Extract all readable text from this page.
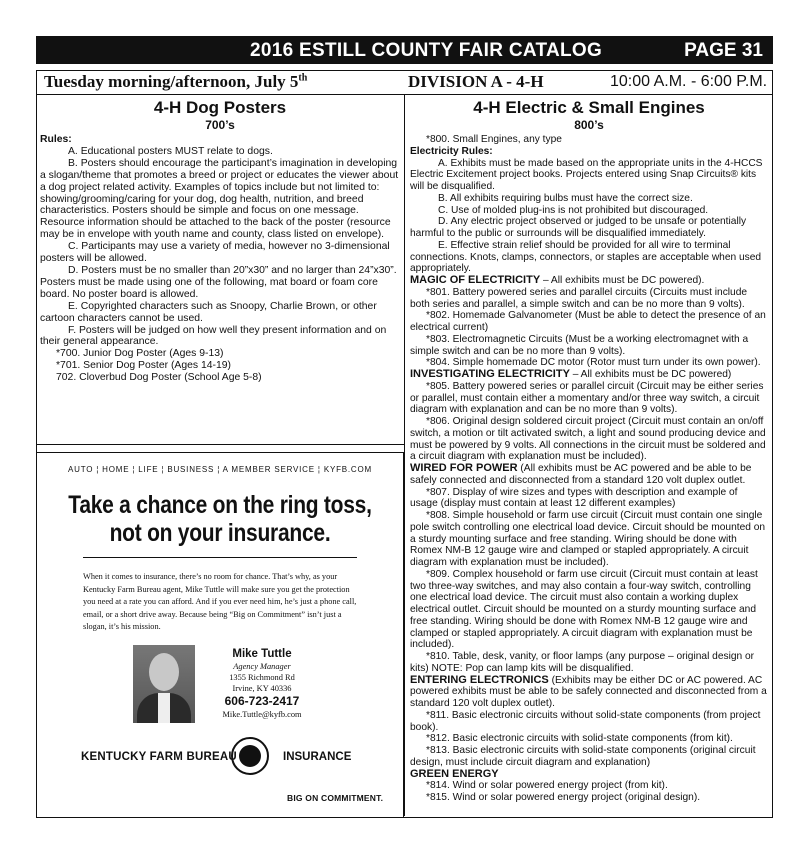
2016 ESTILL COUNTY FAIR CATALOG	PAGE 31
Tuesday morning/afternoon, July 5th	DIVISION A - 4-H	10:00 A.M. - 6:00 P.M.
4-H Dog Posters
700’s

Rules:

A. Educational posters MUST relate to dogs.

B. Posters should encourage the participant’s imagination in developing a slogan/theme that promotes a breed or project or educates the viewer about a dog project related activity. Examples of topics include but not limited to: showing/grooming/caring for your dog, dog health, nutrition, and breed characteristics. Posters should be simple and focus on one message. Resource information should be attached to the back of the poster (resource may be in envelope with youth name and county, class listed on envelope).

C. Participants may use a variety of media, however no 3-dimensional posters will be allowed.

D. Posters must be no smaller than 20”x30” and no larger than 24”x30”. Posters must be made using one of the following, mat board or foam core board. No poster board is allowed.

E. Copyrighted characters such as Snoopy, Charlie Brown, or other cartoon characters cannot be used.

F. Posters will be judged on how well they present information and on their general appearance.

*700. Junior Dog Poster (Ages 9-13)

*701. Senior Dog Poster (Ages 14-19)

702. Cloverbud Dog Poster (School Age 5-8)

4-H Electric & Small Engines
800’s

*800. Small Engines, any type

Electricity Rules:

A. Exhibits must be made based on the appropriate units in the 4-HCCS Electric Excitement project books. Projects entered using Snap Circuits® kits will be disqualified.

B. All exhibits requiring bulbs must have the correct size.

C. Use of molded plug-ins is not prohibited but discouraged.

D. Any electric project observed or judged to be unsafe or potentially harmful to the public or surrounds will be disqualified immediately.

E. Effective strain relief should be provided for all wire to terminal connections. Knots, clamps, connectors, or staples are acceptable when used appropriately.

MAGIC OF ELECTRICITY – All exhibits must be DC powered).

*801. Battery powered series and parallel circuits (Circuits must include both series and parallel, a simple switch and can be no more than 9 volts).

*802. Homemade Galvanometer (Must be able to detect the presence of an electrical current)

*803. Electromagnetic Circuits (Must be a working electromagnet with a simple switch and can be no more than 9 volts).

*804. Simple homemade DC motor (Rotor must turn under its own power).

INVESTIGATING ELECTRICITY – All exhibits must be DC powered)

*805. Battery powered series or parallel circuit (Circuit may be either series or parallel, must contain either a momentary and/or three way switch, a circuit diagram with explanation and can be no more than 9 volts).

*806. Original design soldered circuit project (Circuit must contain an on/off switch, a motion or tilt activated switch, a light and sound producing device and must be powered by 9 volts. All connections in the circuit must be soldered and a circuit diagram with explanation must be included).

WIRED FOR POWER (All exhibits must be AC powered and be able to be safely connected and disconnected from a standard 120 volt duplex outlet.

*807. Display of wire sizes and types with description and example of usage (display must contain at least 12 different examples)

*808. Simple household or farm use circuit (Circuit must contain one single pole switch controlling one electrical load device. Circuit should be mounted on a sturdy mounting surface and free standing. Wiring should be done with Romex NM-B 12 gauge wire and clamped or stapled appropriately. A circuit diagram with explanation must be included).

*809. Complex household or farm use circuit (Circuit must contain at least two three-way switches, and may also contain a four-way switch, controlling one electrical load device. The circuit must also contain a working duplex electrical outlet. Circuit should be mounted on a sturdy mounting surface and free standing. Wiring should be done with Romex NM-B 12 gauge wire and clamped or stapled appropriately. A circuit diagram with explanation must be included).

*810. Table, desk, vanity, or floor lamps (any purpose – original design or kits) NOTE: Pop can lamp kits will be disqualified.

ENTERING ELECTRONICS (Exhibits may be either DC or AC powered. AC powered exhibits must be able to be safely connected and disconnected from a standard 120 volt duplex outlet).

*811. Basic electronic circuits without solid-state components (from project book).

*812. Basic electronic circuits with solid-state components (from kit).

*813. Basic electronic circuits with solid-state components (original circuit design, must include circuit diagram and explanation)

GREEN ENERGY

*814. Wind or solar powered energy project (from kit).

*815. Wind or solar powered energy project (original design).

AUTO ¦ HOME ¦ LIFE ¦ BUSINESS ¦ A MEMBER SERVICE ¦ KYFB.COM
Take a chance on the ring toss,
not on your insurance.
When it comes to insurance, there’s no room for chance. That’s why, as your Kentucky Farm Bureau agent, Mike Tuttle will make sure you get the protection you need at a rate you can afford. And if you ever need him, he’s just a phone call, email, or a short drive away. Because being “Big on Commitment” isn’t just a slogan, it’s his mission.
Mike Tuttle
Agency Manager
1355 Richmond Rd
Irvine, KY 40336
606-723-2417
Mike.Tuttle@kyfb.com
KENTUCKY FARM BUREAU	INSURANCE
BIG ON COMMITMENT.
